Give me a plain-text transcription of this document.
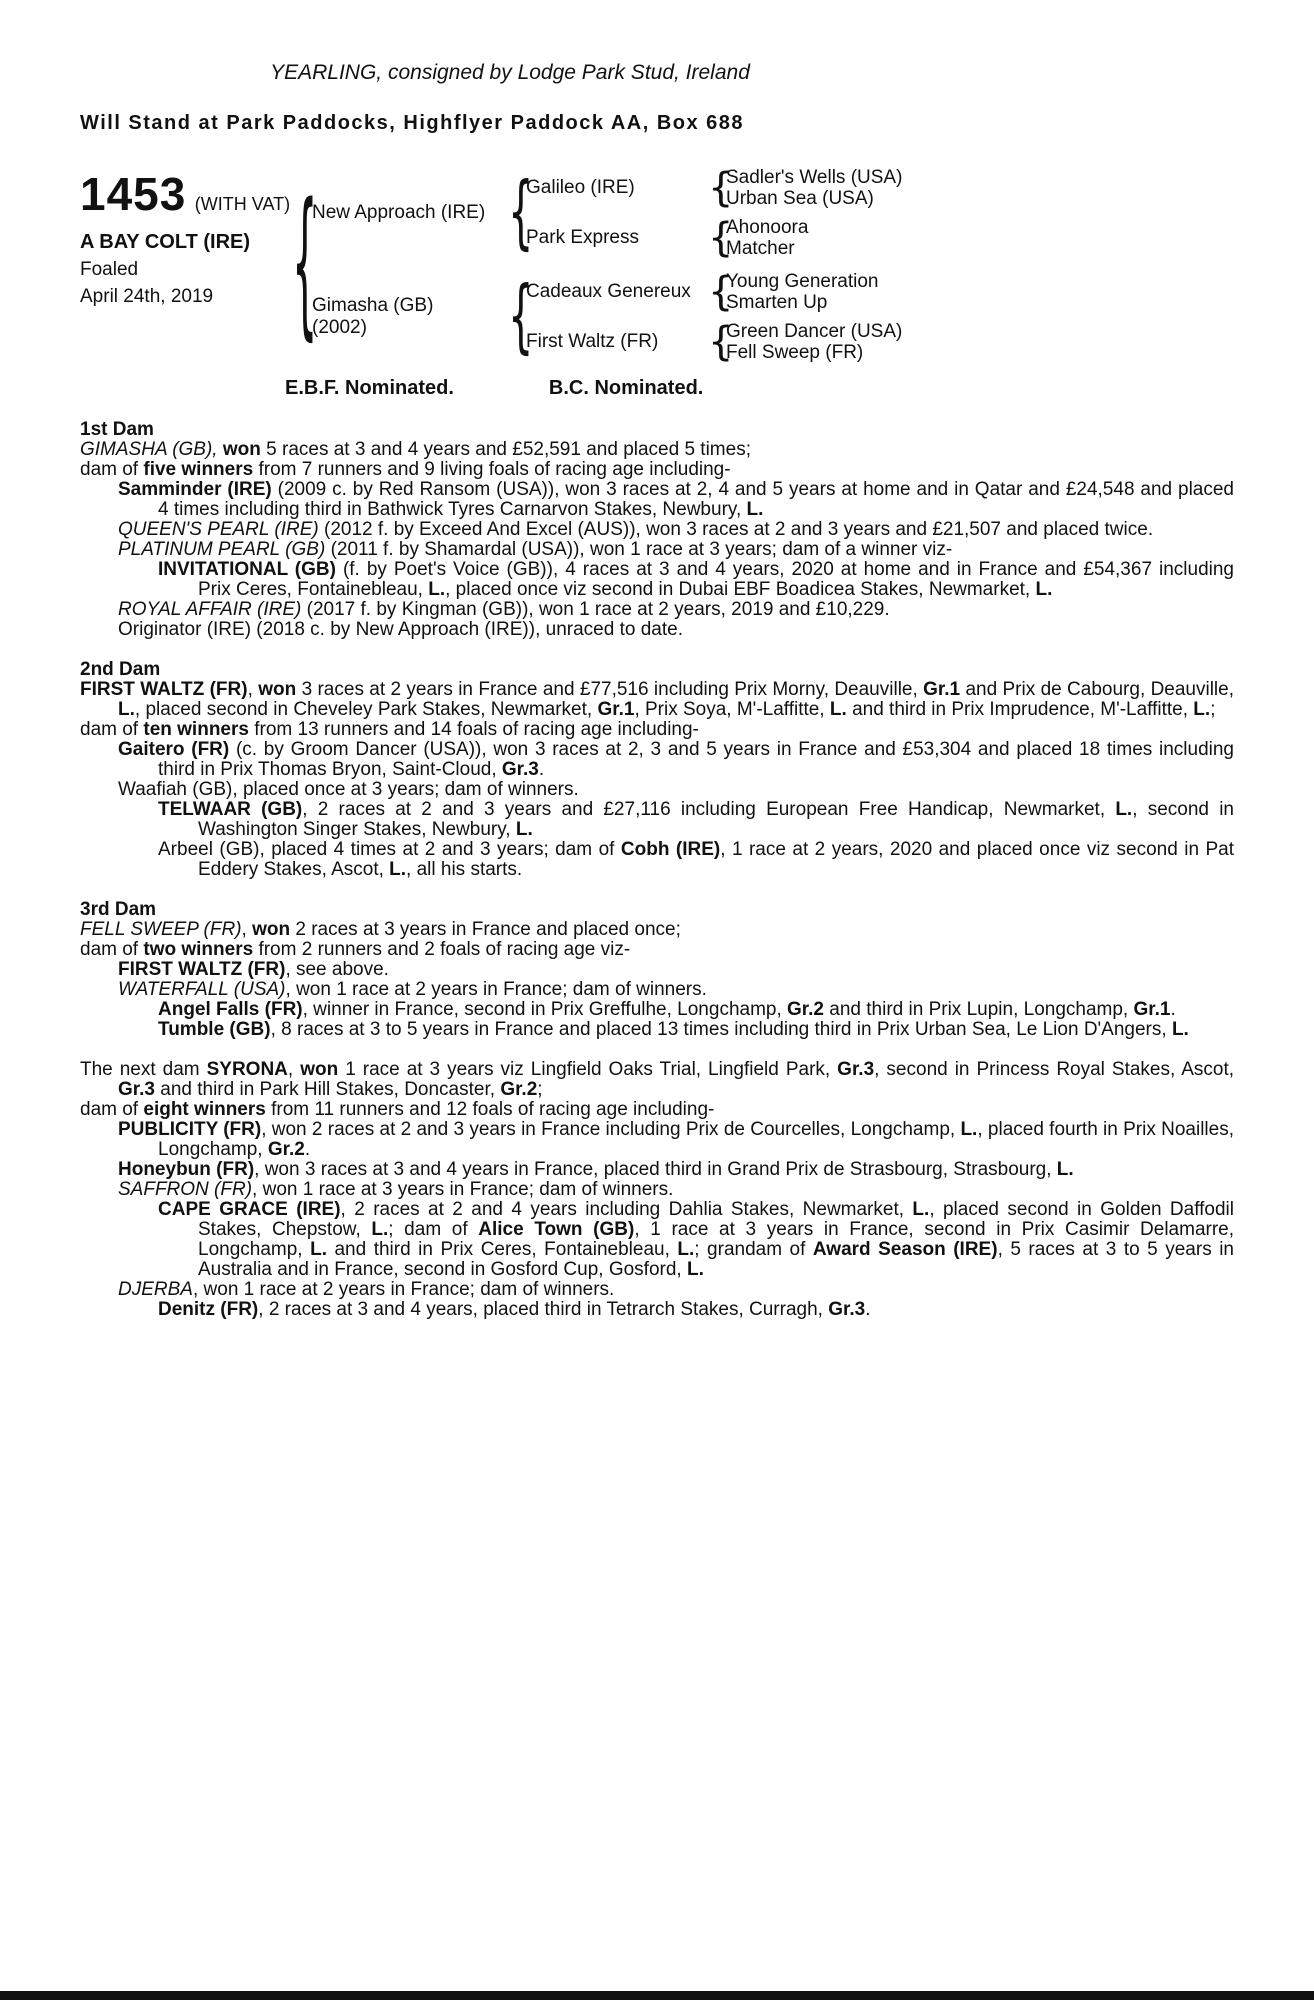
YEARLING, consigned by Lodge Park Stud, Ireland
Will Stand at Park Paddocks, Highflyer Paddock AA, Box 688
1453 (WITH VAT)
A BAY COLT (IRE)
Foaled
April 24th, 2019	{
New Approach (IRE) {
Galileo (IRE)	{
Sadler's Wells (USA)
Urban Sea (USA)
Park Express	{
Ahonoora
Matcher
Gimasha (GB)
(2002)	{
Cadeaux Genereux {
Young Generation
Smarten Up
First Waltz (FR)	{
Green Dancer (USA)
Fell Sweep (FR)
E.B.F. Nominated.	B.C. Nominated.
1st Dam
GIMASHA (GB), won 5 races at 3 and 4 years and £52,591 and placed 5 times;
dam of five winners from 7 runners and 9 living foals of racing age including-
Samminder (IRE) (2009 c. by Red Ransom (USA)), won 3 races at 2, 4 and 5 years at home and in Qatar and £24,548 and placed 4 times including third in Bathwick Tyres Carnarvon Stakes, Newbury, L.
QUEEN'S PEARL (IRE) (2012 f. by Exceed And Excel (AUS)), won 3 races at 2 and 3 years and £21,507 and placed twice.
PLATINUM PEARL (GB) (2011 f. by Shamardal (USA)), won 1 race at 3 years; dam of a winner viz-
INVITATIONAL (GB) (f. by Poet's Voice (GB)), 4 races at 3 and 4 years, 2020 at home and in France and £54,367 including Prix Ceres, Fontainebleau, L., placed once viz second in Dubai EBF Boadicea Stakes, Newmarket, L.
ROYAL AFFAIR (IRE) (2017 f. by Kingman (GB)), won 1 race at 2 years, 2019 and £10,229.
Originator (IRE) (2018 c. by New Approach (IRE)), unraced to date.
2nd Dam
FIRST WALTZ (FR), won 3 races at 2 years in France and £77,516 including Prix Morny, Deauville, Gr.1 and Prix de Cabourg, Deauville, L., placed second in Cheveley Park Stakes, Newmarket, Gr.1, Prix Soya, M'-Laffitte, L. and third in Prix Imprudence, M'-Laffitte, L.;
dam of ten winners from 13 runners and 14 foals of racing age including-
Gaitero (FR) (c. by Groom Dancer (USA)), won 3 races at 2, 3 and 5 years in France and £53,304 and placed 18 times including third in Prix Thomas Bryon, Saint-Cloud, Gr.3.
Waafiah (GB), placed once at 3 years; dam of winners.
TELWAAR (GB), 2 races at 2 and 3 years and £27,116 including European Free Handicap, Newmarket, L., second in Washington Singer Stakes, Newbury, L.
Arbeel (GB), placed 4 times at 2 and 3 years; dam of Cobh (IRE), 1 race at 2 years, 2020 and placed once viz second in Pat Eddery Stakes, Ascot, L., all his starts.
3rd Dam
FELL SWEEP (FR), won 2 races at 3 years in France and placed once;
dam of two winners from 2 runners and 2 foals of racing age viz-
FIRST WALTZ (FR), see above.
WATERFALL (USA), won 1 race at 2 years in France; dam of winners.
Angel Falls (FR), winner in France, second in Prix Greffulhe, Longchamp, Gr.2 and third in Prix Lupin, Longchamp, Gr.1.
Tumble (GB), 8 races at 3 to 5 years in France and placed 13 times including third in Prix Urban Sea, Le Lion D'Angers, L.
The next dam SYRONA, won 1 race at 3 years viz Lingfield Oaks Trial, Lingfield Park, Gr.3, second in Princess Royal Stakes, Ascot, Gr.3 and third in Park Hill Stakes, Doncaster, Gr.2;
dam of eight winners from 11 runners and 12 foals of racing age including-
PUBLICITY (FR), won 2 races at 2 and 3 years in France including Prix de Courcelles, Longchamp, L., placed fourth in Prix Noailles, Longchamp, Gr.2.
Honeybun (FR), won 3 races at 3 and 4 years in France, placed third in Grand Prix de Strasbourg, Strasbourg, L.
SAFFRON (FR), won 1 race at 3 years in France; dam of winners.
CAPE GRACE (IRE), 2 races at 2 and 4 years including Dahlia Stakes, Newmarket, L., placed second in Golden Daffodil Stakes, Chepstow, L.; dam of Alice Town (GB), 1 race at 3 years in France, second in Prix Casimir Delamarre, Longchamp, L. and third in Prix Ceres, Fontainebleau, L.; grandam of Award Season (IRE), 5 races at 3 to 5 years in Australia and in France, second in Gosford Cup, Gosford, L.
DJERBA, won 1 race at 2 years in France; dam of winners.
Denitz (FR), 2 races at 3 and 4 years, placed third in Tetrarch Stakes, Curragh, Gr.3.
